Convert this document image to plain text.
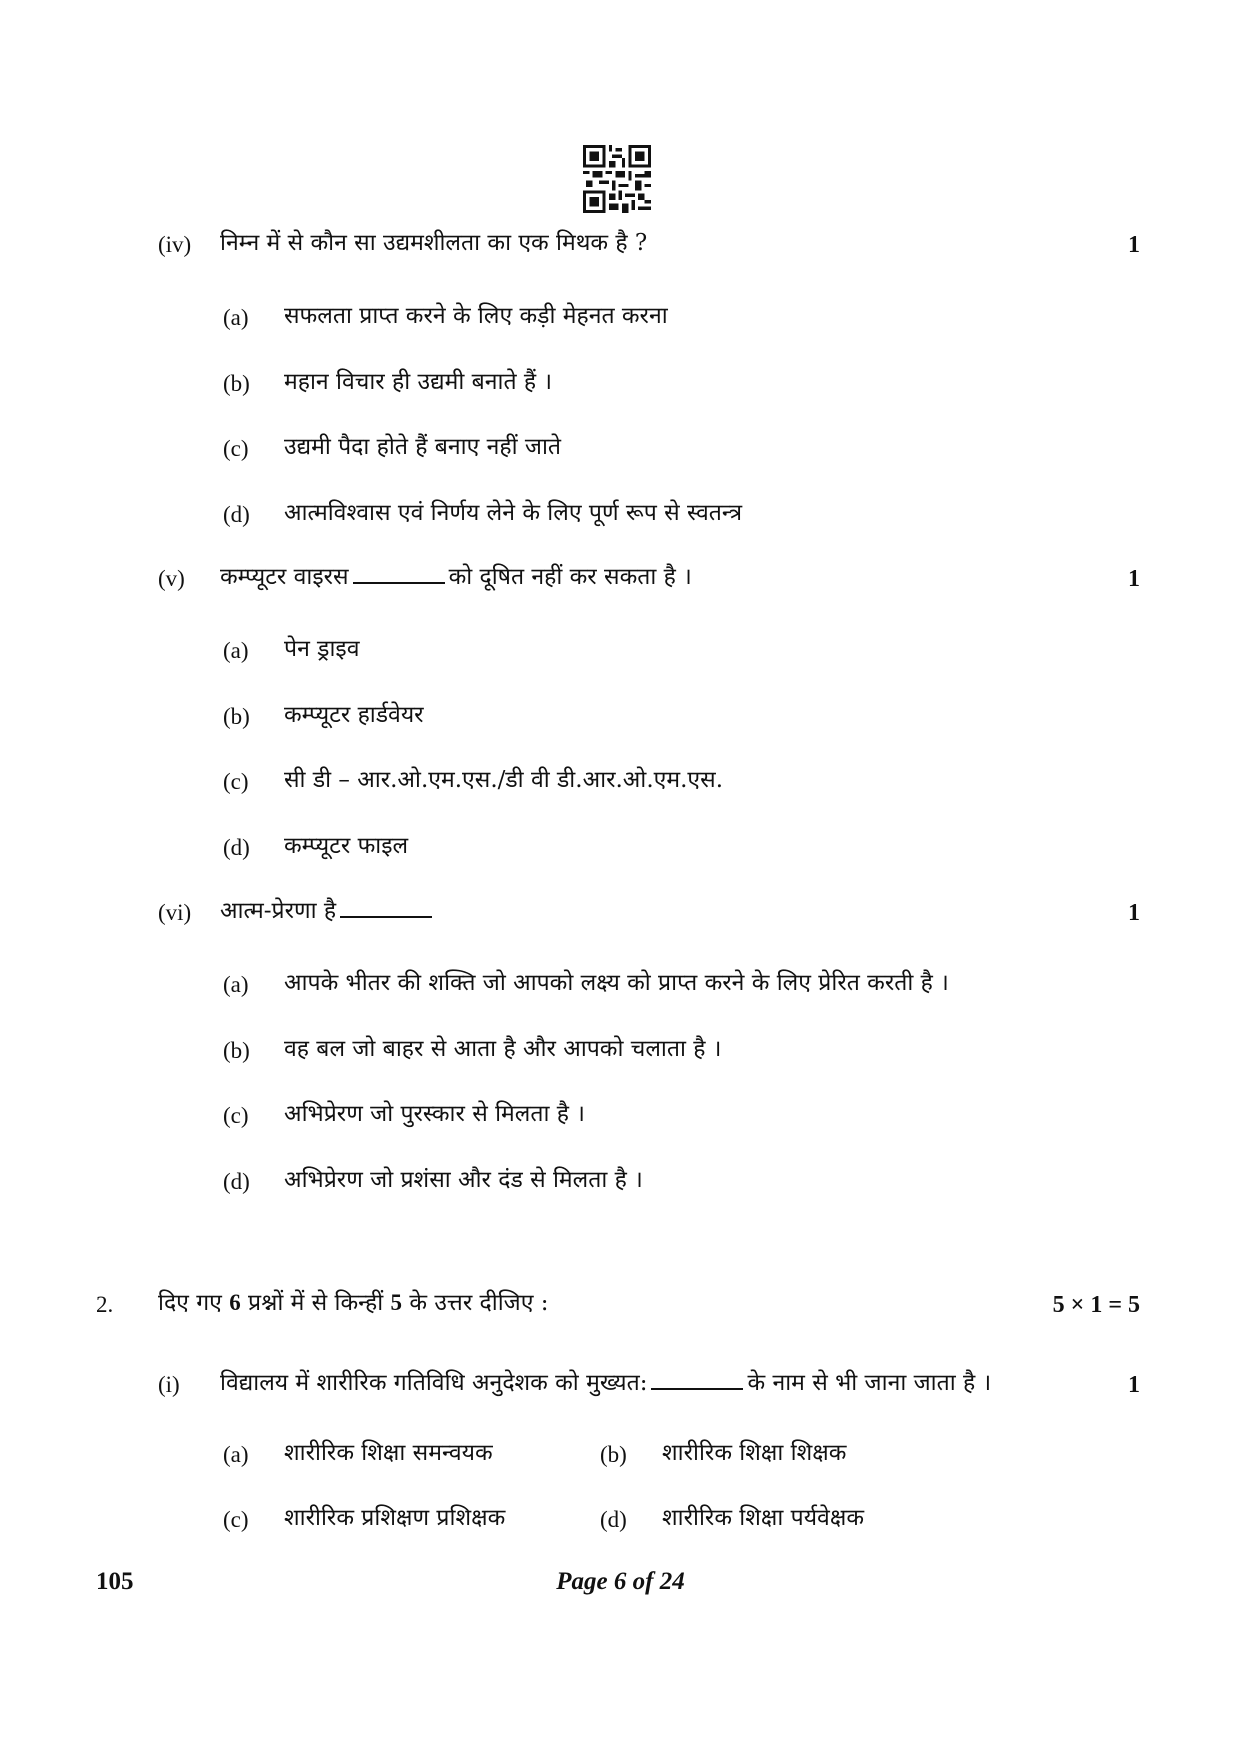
(iv) निम्न में से कौन सा उद्यमशीलता का एक मिथक है ?	1
(a) सफलता प्राप्त करने के लिए कड़ी मेहनत करना
(b) महान विचार ही उद्यमी बनाते हैं ।
(c) उद्यमी पैदा होते हैं बनाए नहीं जाते
(d) आत्मविश्वास एवं निर्णय लेने के लिए पूर्ण रूप से स्वतन्त्र
(v) कम्प्यूटर वाइरस	को दूषित नहीं कर सकता है ।	1
(a) पेन ड्राइव
(b) कम्प्यूटर हार्डवेयर
(c) सी डी – आर.ओ.एम.एस./डी वी डी.आर.ओ.एम.एस.
(d) कम्प्यूटर फाइल
(vi) आत्म-प्रेरणा है	1
(a) आपके भीतर की शक्ति जो आपको लक्ष्य को प्राप्त करने के लिए प्रेरित करती है ।
(b) वह बल जो बाहर से आता है और आपको चलाता है ।
(c) अभिप्रेरण जो पुरस्कार से मिलता है ।
(d) अभिप्रेरण जो प्रशंसा और दंड से मिलता है ।
2. दिए गए 6 प्रश्नों में से किन्हीं 5 के उत्तर दीजिए :	5 × 1 = 5
(i) विद्यालय में शारीरिक गतिविधि अनुदेशक को मुख्यत:	के नाम से भी जाना जाता है ।	1
(a) शारीरिक शिक्षा समन्वयक	(b) शारीरिक शिक्षा शिक्षक
(c) शारीरिक प्रशिक्षण प्रशिक्षक	(d) शारीरिक शिक्षा पर्यवेक्षक
Page 6 of 24
105
